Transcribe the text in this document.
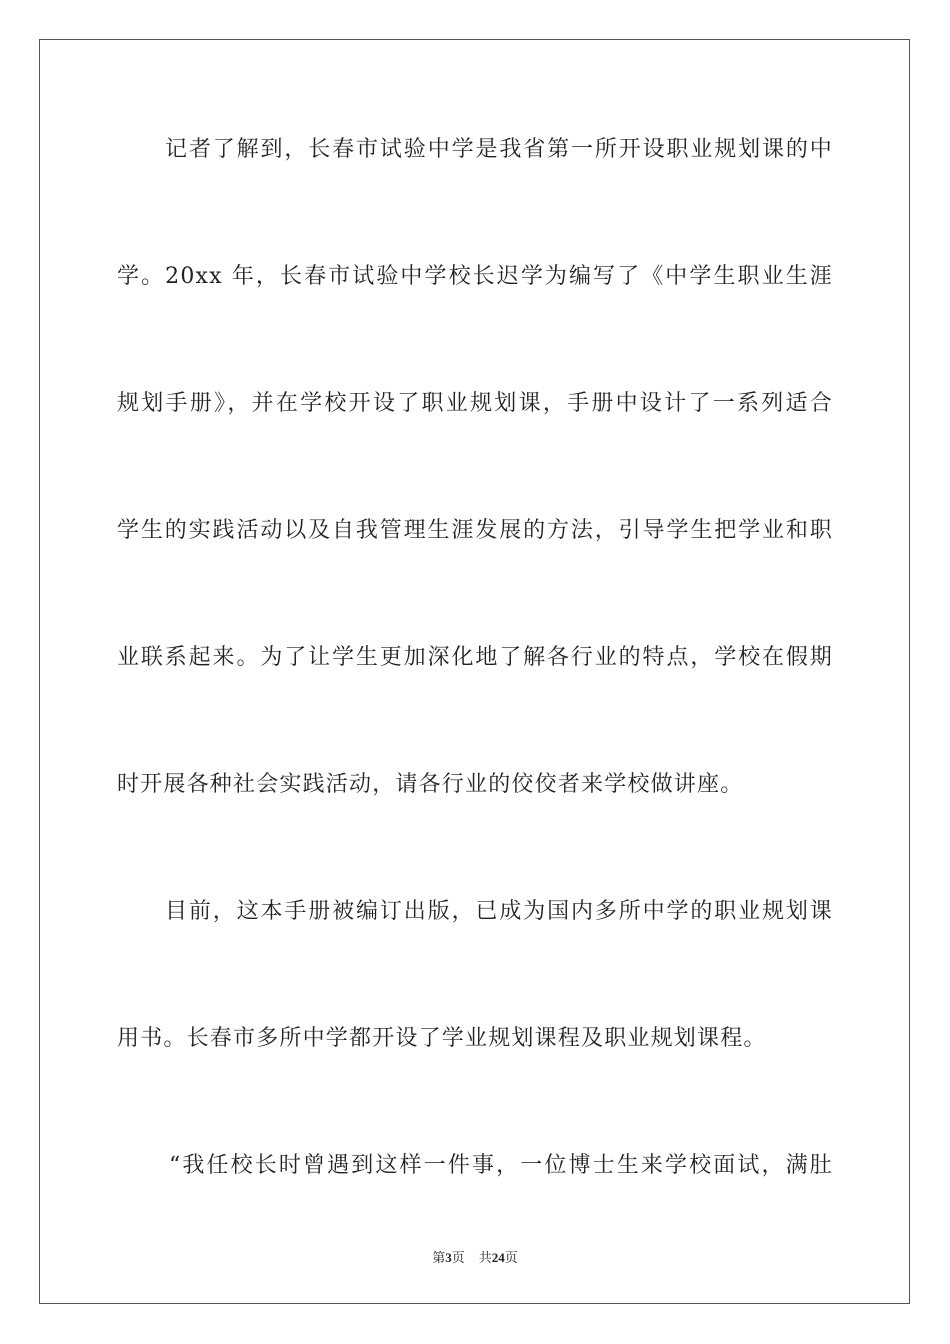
记者了解到，长春市试验中学是我省第一所开设职业规划课的中
学。20xx 年，长春市试验中学校长迟学为编写了《中学生职业生涯
规划手册》，并在学校开设了职业规划课，手册中设计了一系列适合
学生的实践活动以及自我管理生涯发展的方法，引导学生把学业和职
业联系起来。为了让学生更加深化地了解各行业的特点，学校在假期
时开展各种社会实践活动，请各行业的佼佼者来学校做讲座。
目前，这本手册被编订出版，已成为国内多所中学的职业规划课
用书。长春市多所中学都开设了学业规划课程及职业规划课程。
“我任校长时曾遇到这样一件事，一位博士生来学校面试，满肚
第3页 共24页
